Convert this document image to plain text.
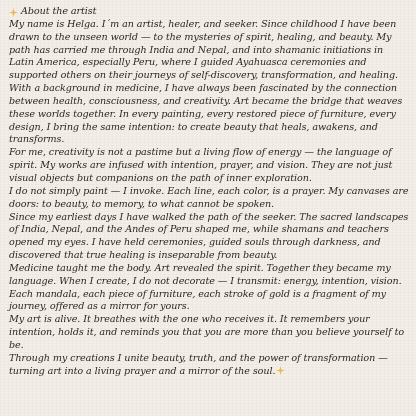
About the artist

My name is Helga. I´m an artist, healer, and seeker. Since childhood I have been drawn to the unseen world — to the mysteries of spirit, healing, and beauty. My path has carried me through India and Nepal, and into shamanic initiations in Latin America, especially Peru, where I guided Ayahuasca ceremonies and supported others on their journeys of self-discovery, transformation, and healing.

With a background in medicine, I have always been fascinated by the connection between health, consciousness, and creativity. Art became the bridge that weaves these worlds together. In every painting, every restored piece of furniture, every design, I bring the same intention: to create beauty that heals, awakens, and transforms.

For me, creativity is not a pastime but a living flow of energy — the language of spirit. My works are infused with intention, prayer, and vision. They are not just visual objects but companions on the path of inner exploration.

I do not simply paint — I invoke. Each line, each color, is a prayer. My canvases are doors: to beauty, to memory, to what cannot be spoken.

Since my earliest days I have walked the path of the seeker. The sacred landscapes of India, Nepal, and the Andes of Peru shaped me, while shamans and teachers opened my eyes. I have held ceremonies, guided souls through darkness, and discovered that true healing is inseparable from beauty.

Medicine taught me the body. Art revealed the spirit. Together they became my language. When I create, I do not decorate — I transmit: energy, intention, vision. Each mandala, each piece of furniture, each stroke of gold is a fragment of my journey, offered as a mirror for yours.

My art is alive. It breathes with the one who receives it. It remembers your intention, holds it, and reminds you that you are more than you believe yourself to be.

Through my creations I unite beauty, truth, and the power of transformation — turning art into a living prayer and a mirror of the soul.
